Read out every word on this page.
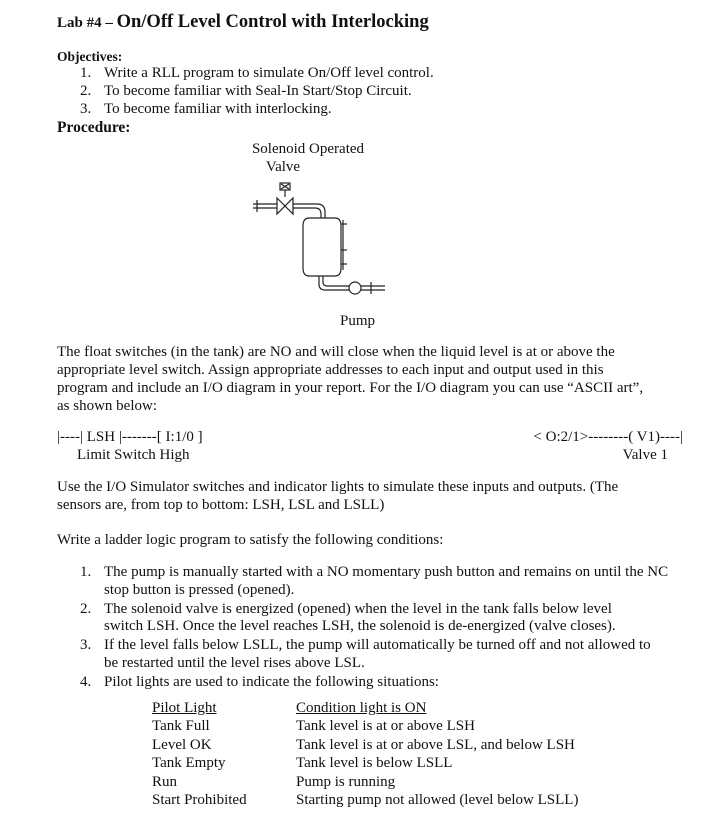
Lab #4 – On/Off Level Control with Interlocking
Objectives:
1. Write a RLL program to simulate On/Off level control.
2. To become familiar with Seal-In Start/Stop Circuit.
3. To become familiar with interlocking.
Procedure:
Solenoid Operated
Valve
Pump
The float switches (in the tank) are NO and will close when the liquid level is at or above the
appropriate level switch. Assign appropriate addresses to each input and output used in this
program and include an I/O diagram in your report. For the I/O diagram you can use “ASCII art”,
as shown below:
|----| LSH |-------[ I:1/0 ]
Limit Switch High
< O:2/1>--------( V1)----|
Valve 1
Use the I/O Simulator switches and indicator lights to simulate these inputs and outputs. (The
sensors are, from top to bottom: LSH, LSL and LSLL)
Write a ladder logic program to satisfy the following conditions:
1. The pump is manually started with a NO momentary push button and remains on until the NC
stop button is pressed (opened).
2. The solenoid valve is energized (opened) when the level in the tank falls below level
switch LSH. Once the level reaches LSH, the solenoid is de-energized (valve closes).
3. If the level falls below LSLL, the pump will automatically be turned off and not allowed to
be restarted until the level rises above LSL.
4. Pilot lights are used to indicate the following situations:
Pilot Light	Condition light is ON
Tank Full	Tank level is at or above LSH
Level OK	Tank level is at or above LSL, and below LSH
Tank Empty	Tank level is below LSLL
Run	Pump is running
Start Prohibited	Starting pump not allowed (level below LSLL)
